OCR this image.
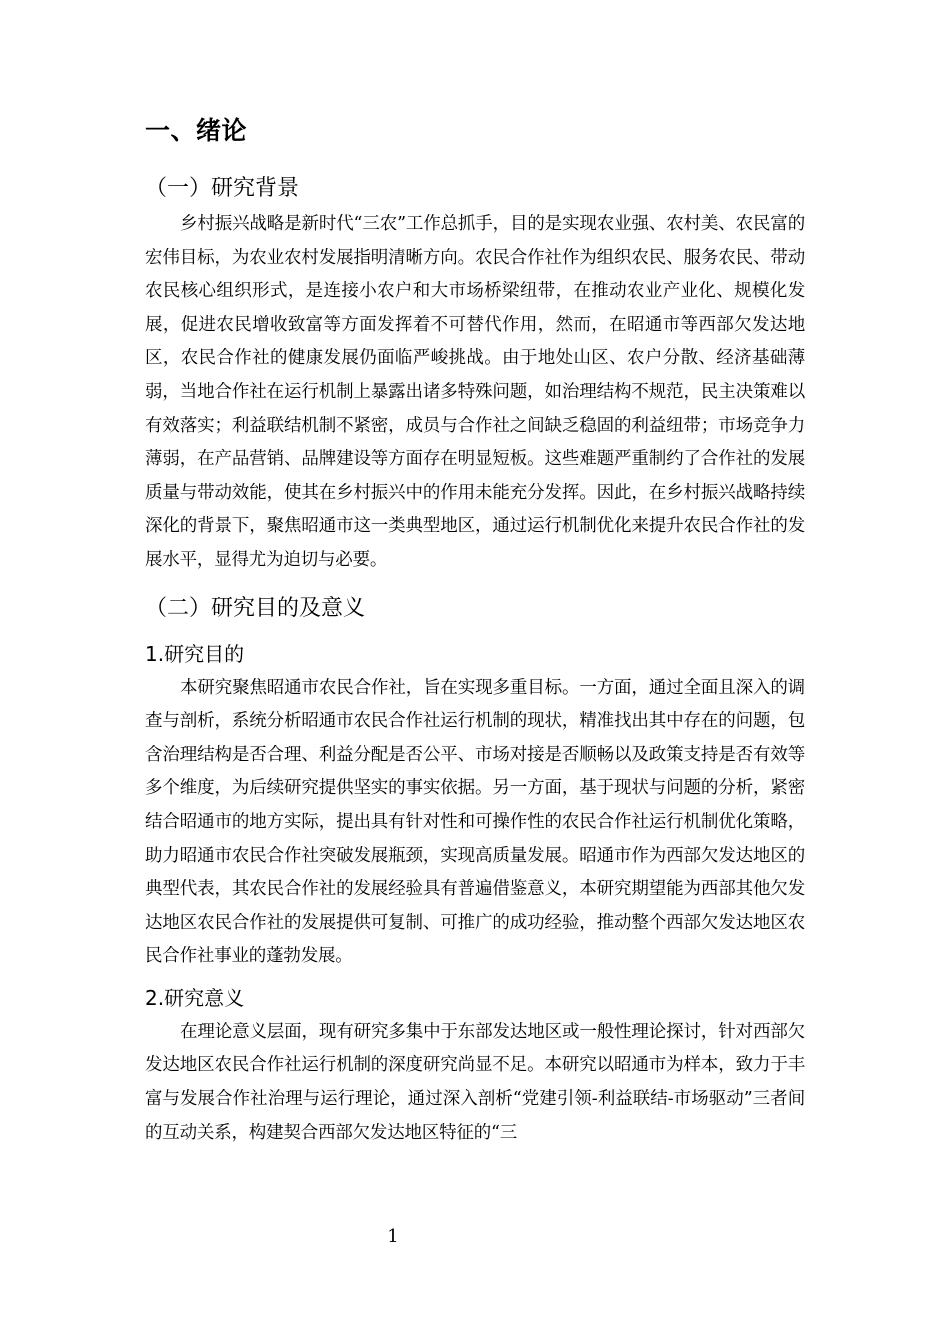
一、绪论
（一）研究背景

乡村振兴战略是新时代“三农”工作总抓手，目的是实现农业强、农村美、农民富的宏伟目标，为农业农村发展指明清晰方向。农民合作社作为组织农民、服务农民、带动农民核心组织形式，是连接小农户和大市场桥梁纽带，在推动农业产业化、规模化发展，促进农民增收致富等方面发挥着不可替代作用，然而，在昭通市等西部欠发达地区，农民合作社的健康发展仍面临严峻挑战。由于地处山区、农户分散、经济基础薄弱，当地合作社在运行机制上暴露出诸多特殊问题，如治理结构不规范，民主决策难以有效落实；利益联结机制不紧密，成员与合作社之间缺乏稳固的利益纽带；市场竞争力薄弱，在产品营销、品牌建设等方面存在明显短板。这些难题严重制约了合作社的发展质量与带动效能，使其在乡村振兴中的作用未能充分发挥。因此，在乡村振兴战略持续深化的背景下，聚焦昭通市这一类典型地区，通过运行机制优化来提升农民合作社的发展水平，显得尤为迫切与必要。

（二）研究目的及意义
1.研究目的

本研究聚焦昭通市农民合作社，旨在实现多重目标。一方面，通过全面且深入的调查与剖析，系统分析昭通市农民合作社运行机制的现状，精准找出其中存在的问题，包含治理结构是否合理、利益分配是否公平、市场对接是否顺畅以及政策支持是否有效等多个维度，为后续研究提供坚实的事实依据。另一方面，基于现状与问题的分析，紧密结合昭通市的地方实际，提出具有针对性和可操作性的农民合作社运行机制优化策略，助力昭通市农民合作社突破发展瓶颈，实现高质量发展。昭通市作为西部欠发达地区的典型代表，其农民合作社的发展经验具有普遍借鉴意义，本研究期望能为西部其他欠发达地区农民合作社的发展提供可复制、可推广的成功经验，推动整个西部欠发达地区农民合作社事业的蓬勃发展。

2.研究意义

在理论意义层面，现有研究多集中于东部发达地区或一般性理论探讨，针对西部欠发达地区农民合作社运行机制的深度研究尚显不足。本研究以昭通市为样本，致力于丰富与发展合作社治理与运行理论，通过深入剖析“党建引领-利益联结-市场驱动”三者间的互动关系，构建契合西部欠发达地区特征的“三

1
